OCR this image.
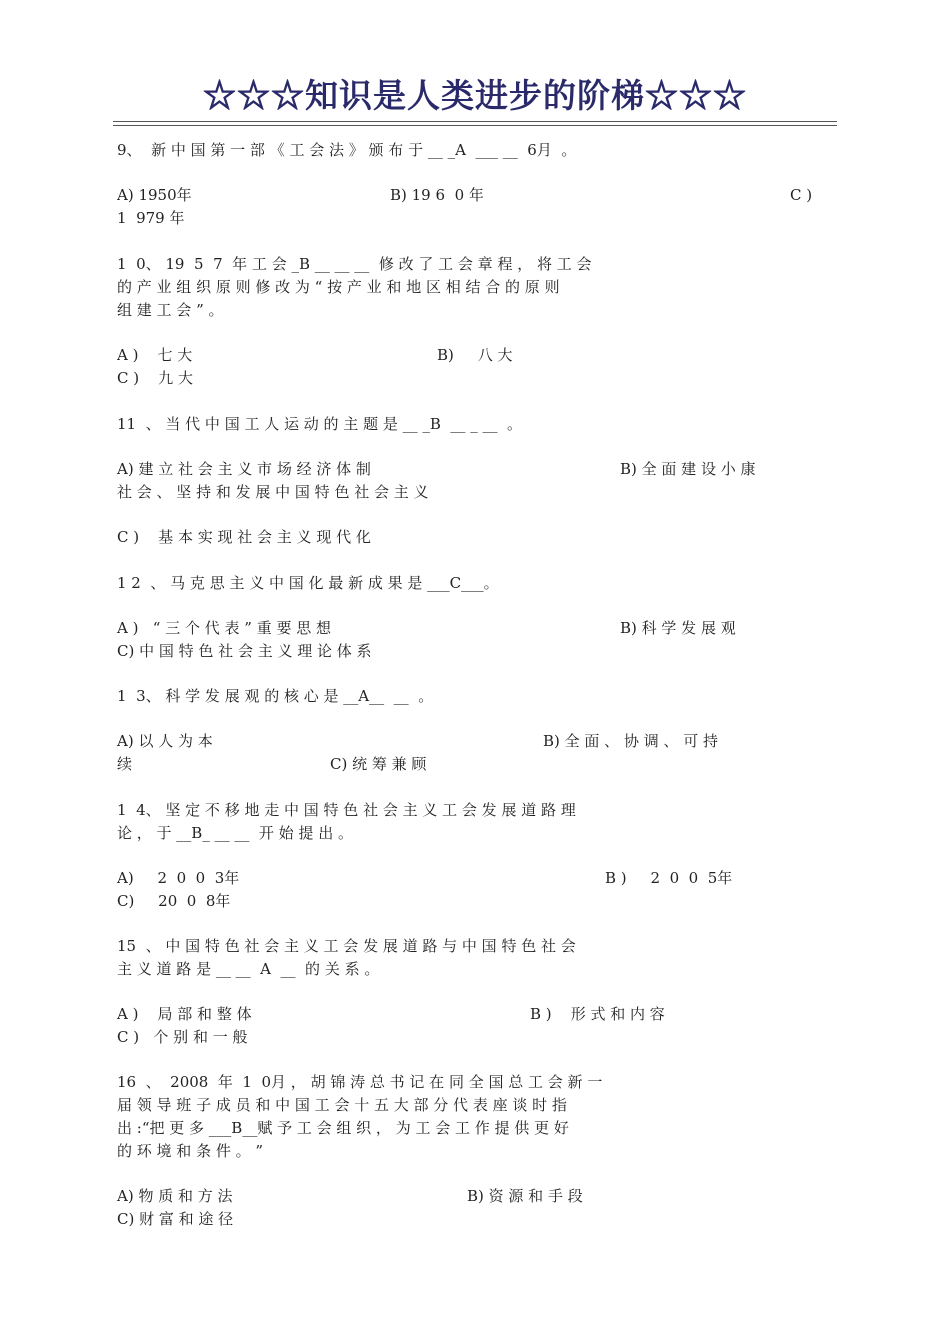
☆☆☆知识是人类进步的阶梯☆☆☆
9、  新 中 国 第 一 部 《 工 会 法 》 颁 布 于 __ _A  ___ __  6月  。
A) 1950年	B) 19 6  0 年	C )
1  979 年
1  0、 19  5  7  年 工 会 _B __ __ __  修 改 了 工 会 章 程 ， 将 工 会
的 产 业 组 织 原 则 修 改 为 “ 按 产 业 和 地 区 相 结 合 的 原 则
组 建 工 会 ” 。
A )    七 大	B)     八 大
C )    九 大
11  、 当 代 中 国 工 人 运 动 的 主 题 是 __ _B  __ _ __  。
A) 建 立 社 会 主 义 市 场 经 济 体 制	B) 全 面 建 设 小 康
社 会 、 坚 持 和 发 展 中 国 特 色 社 会 主 义
C )    基 本 实 现 社 会 主 义 现 代 化
1 2  、 马 克 思 主 义 中 国 化 最 新 成 果 是 ___C___。
A )   “ 三 个 代 表 ” 重 要 思 想	B) 科 学 发 展 观
C) 中 国 特 色 社 会 主 义 理 论 体 系
1  3、 科 学 发 展 观 的 核 心 是 __A__  __  。
A) 以 人 为 本	B) 全 面 、 协 调 、 可 持
续	C) 统 筹 兼 顾
1  4、 坚 定 不 移 地 走 中 国 特 色 社 会 主 义 工 会 发 展 道 路 理
论 ， 于 __B_ __ __  开 始 提 出 。
A)     2  0  0  3年	B )     2  0  0  5年
C)     20  0  8年
15  、 中 国 特 色 社 会 主 义 工 会 发 展 道 路 与 中 国 特 色 社 会
主 义 道 路 是 __ __  A  __  的 关 系 。
A )    局 部 和 整 体	B )    形 式 和 内 容
C )   个 别 和 一 般
16  、  2008  年  1  0月 ， 胡 锦 涛 总 书 记 在 同 全 国 总 工 会 新 一
届 领 导 班 子 成 员 和 中 国 工 会 十 五 大 部 分 代 表 座 谈 时 指
出 :“把 更 多 ___B__赋 予 工 会 组 织 ， 为 工 会 工 作 提 供 更 好
的 环 境 和 条 件 。 ”
A) 物 质 和 方 法	B) 资 源 和 手 段
C) 财 富 和 途 径
